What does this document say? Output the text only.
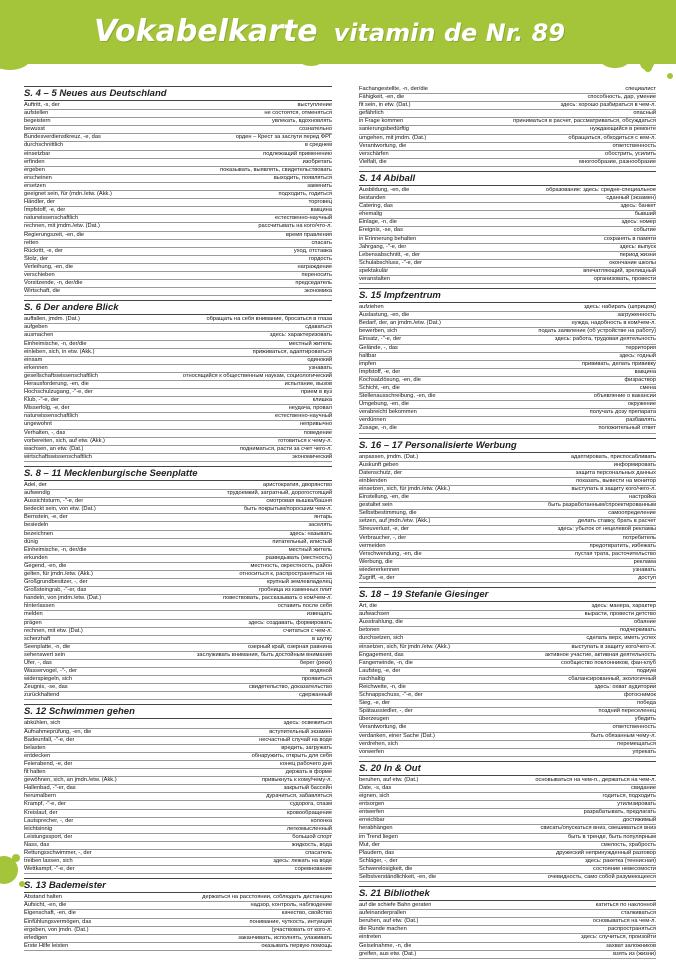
Vokabelkarte vitamin de Nr. 89
S. 4 – 5 Neues aus Deutschland
Auftritt, -s, der	выступление
aufstellen	не состоятся, отменяться
begeistern	увлекать, вдохновлять
bewusst	сознательно
Bundesverdienstkreuz, -e, das	орден – Крест за заслуги перед ФРГ
durchschnittlich	в среднем
einsetzbar	подлежащий применению
erfinden	изобретать
ergeben	показывать, выявлять, свидетельствовать
erscheinen	выходить, появляться
ersetzen	заменить
geeignet sein, für (mdn./etw. (Akk.)	подходить, годиться
Händler, der	торговец
Impfstoff, -e, der	вакцина
naturwissenschaftlich	естественно-научный
rechnen, mit jmdm./etw. (Dat.)	рассчитывать на кого/что-л.
Regierungszeit, -en, die	время правления
retten	спасать
Rückritt, -e, der	уход, отставка
Stolz, der	гордость
Verleihung, -en, die	награждение
verschieben	переносить
Vorsitzende, -n, der/die	председатель
Wirtschaft, die	экономика
S. 6 Der andere Blick
auffallen, jmdm. (Dat.)	обращать на себя внимание, бросаться в глаза
aufgeben	сдаваться
ausmachen	здесь: характеризовать
Einheimische, -n, der/die	местный житель
einleben, sich, in etw. (Akk.)	приживаться, адаптироваться
einsam	одинокий
erkennen	узнавать
gesellschaftswissenschaftlich	относящийся к общественным наукам, социологический
Herausforderung, -en, die	испытание, вызов
Hochschulzugang, -"-e, der	прием в вуз
Klub, -"-e, der	клишка
Misserfolg, -e, der	неудача, провал
naturwissenschaftlich	естественно-научный
ungewohnt	непривычно
Verhalten, -, das	поведение
vorbereiten, sich, auf etw. (Akk.)	готовиться к чему-л.
wachsen, an etw. (Dat.)	подниматься, расти за счет чего-л.
wirtschaftswissenschaftlich	экономический
S. 8 – 11 Mecklenburgische Seenplatte
Adel, der	аристократия, дворянство
aufwendig	трудоемкий, затратный, дорогостоящий
Aussichtsturm, -"-e, der	смотровая вышка/башня
bedeckt sein, von etw. (Dat.)	быть покрытым/поросшим чем-л.
Bernstein, -e, der	янтарь
besiedeln	заселять
bezeichnen	здесь: называть
dünig	питательный, илистый
Einheimische, -n, der/die	местный житель
erkunden	разведывать (местность)
Gegend, -en, die	местность, окрестность, район
gelten, für jmdn./etw. (Akk.)	относиться к, распространяться на
Großgrundbesitzer, -, der	крупный землевладелец
Großsteingrab, -"-er, das	гробница из каменных плит
handeln, von jmdm./etw. (Dat.)	повествовать, рассказывать о ком/чем-л.
hinterlassen	оставить после себя
melden	извещать
prägen	здесь: создавать, формировать
rechnen, mit etw. (Dat.)	считаться с чем-л.
scherzhaft	в шутку
Seenplatte, -n, die	озерный край, озерная равнина
sehenswert sein	заслуживать внимания, быть достойным внимания
Ufer, -, das	берег (реки)
Wasservogel, -"-, der	водяной
widerspiegeln, sich	проявиться
Zeugnis, -se, das	свидетельство, доказательство
zurückhaltend	сдержанный
S. 12 Schwimmen gehen
abkühlen, sich	здесь: освежиться
Aufnahmeprüfung, -en, die	вступительный экзамен
Badeunfall, -"-e, der	несчастный случай на воде
belasten	вредить, загружать
entdecken	обнаружить, открыть для себя
Feierabend, -e, der	конец рабочего дня
fit halten	держать в форме
gewöhnen, sich, an jmdn./etw. (Akk.)	привыкнуть к кому/чему-л.
Hallenbad, -"-er, das	закрытый бассейн
herumalbern	дурачиться, забавляться
Krampf, -"-e, der	судорога, спазм
Kreislauf, der	кровообращение
Lautsprecher, -, der	колонка
leichtsinnig	легкомысленный
Leistungssport, der	большой спорт
Nass, das	жидкость, вода
Rettungsschwimmer, -, der	спасатель
treiben lassen, sich	здесь: лежать на воде
Wettkampf, -"-e, der	соревнование
S. 13 Bademeister
Abstand halten	держаться на расстоянии, соблюдать дистанцию
Aufsicht, -en, die	надзор, контроль, наблюдение
Eigenschaft, -en, die	качество, свойство
Einfühlungsvermögen, das	понимание, чуткость, интуиция
ergeben, von jmdn. (Dat.)	(участвовать от кого-л.
erledigen	заканчивать, исполнять, улаживать
Erste Hilfe leisten	оказывать первую помощь
Fachangestellte, -n, der/die	специалист
Fähigkeit, -en, die	способность, дар, умение
fit sein, in etw. (Dat.)	здесь: хорошо разбираться в чем-л.
gefährlich	опасный
in Frage kommen	приниматься в расчет, рассматриваться, обсуждаться
sanierungsbedürftig	нуждающийся в ремонте
umgehen, mit jmdm. (Dat.)	обращаться, обходиться с кем-л.
Verantwortung, die	ответственность
verschärfen	обострить, усилить
Vielfalt, die	многообразие, разнообразие
S. 14 Abiball
Ausbildung, -en, die	образование: здесь: средне-специальное
bestanden	сданный (экзамен)
Catering, das	здесь: банкет
ehemalig	бывший
Einlage, -n, die	здесь: номер
Ereignis, -se, das	событие
in Erinnerung behalten	сохранять в памяти
Jahrgang, -"-e, der	здесь: выпуск
Lebensabschnitt, -e, der	период жизни
Schulabschluss, -"-e, der	окончание школы
spektakulär	впечатляющий, зрелищный
veranstalten	организовать, провести
S. 15 Impfzentrum
aufziehen	здесь: набирать (шприцом)
Auslastung, -en, die	загруженность
Bedarf, der, an jmdm./etw. (Dat.)	нужда, надобность в ком/чем-л.
bewerben, sich	подать заявление (об устройстве на работу)
Einsatz, -"-e, der	здесь: работа, трудовая деятельность
Gelände, -, das	территория
haltbar	здесь: годный
impfen	прививать, делать прививку
Impfstoff, -e, der	вакцина
Kochsalzlösung, -en, die	физраствор
Schicht, -en, die	смена
Stellenausschreibung, -en, die	объявление о вакансии
Umgebung, -en, die	окружение
verabreicht bekommen	получать дозу препарата
verdünnen	разбавлять
Zusage, -n, die	положительный ответ
S. 16 – 17 Personalisierte Werbung
anpassen, jmdm. (Dat.)	адаптировать, приспосабливать
Auskunft geben	информировать
Datenschutz, der	защита персональных данных
einblenden	показать, вывести на монитор
einsetzen, sich, für jmdn./etw. (Akk.)	выступать в защиту кого/чего-л.
Einstellung, -en, die	настройка
gestaltet sein	быть разработанным/спроектированным
Selbstbestimmung, die	самоопределение
setzen, auf jmdn./etw. (Akk.)	делать ставку, брать в расчет
Streuverlust, -e, der	здесь: убыток от нецелевой рекламы
Verbraucher, -, der	потребитель
vermeiden	предотвратить, избежать
Verschwendung, -en, die	пустая трата, расточительство
Werbung, die	реклама
wiedererkennen	узнавать
Zugriff, -e, der	доступ
S. 18 – 19 Stefanie Giesinger
Art, die	здесь: манера, характер
aufwachsen	вырасти, провести детство
Ausstrahlung, die	обаяние
betonen	подчеркивать
durchsetzen, sich	сделать верх, иметь успех
einsetzen, sich, für jmdn./etw. (Akk.)	выступать в защиту кого/чего-л.
Engagement, das	активное участие, активная деятельность
Fangemeinde, -n, die	сообщество поклонников, фан-клуб
Laufsteg, -e, der	подиум
nachhaltig	сбалансированный, экологичный
Reichweite, -n, die	здесь: охват аудитории
Schnappschuss, -"-e, der	фотоснимок
Sieg, -e, der	победа
Spätaussiedler, -, der	поздний переселенец
überzeugen	убедить
Verantwortung, die	ответственность
verdanken, einer Sache (Dat.)	быть обязанным чему-л.
verdrehen, sich	перемещаться
vorwerfen	упрекать
S. 20 In & Out
beruhen, auf etw. (Dat.)	основываться на чем-л., держаться на чем-л.
Date, -s, das	свидание
eignen, sich	годиться, подходить
entsorgen	утилизировать
entwerfen	разрабатывать, предлагать
erreichbar	достижимый
herabhängen	свисать/опускаться вниз, свешиваться вниз
im Trend liegen	быть в тренде, быть популярным
Mut, der	смелость, храбрость
Plaudern, das	дружеский непринужденный разговор
Schläger, -, der	здесь: ракетка (теннисная)
Schwerelosigkeit, die	состояние невесомости
Selbstverständlichkeit, -en, die	очевидность, само собой разумеющееся
S. 21 Bibliothek
auf die schiefe Bahn geraten	катиться по наклонной
aufeinanderprallen	сталкиваться
beruhen, auf etw. (Dat.)	основываться на чем-л.
die Runde machen	распространяться
eintreten	здесь: случиться, произойти
Geiselnahme, -n, die	захват заложников
greifen, aus etw. (Dat.)	взять из (жизни)
